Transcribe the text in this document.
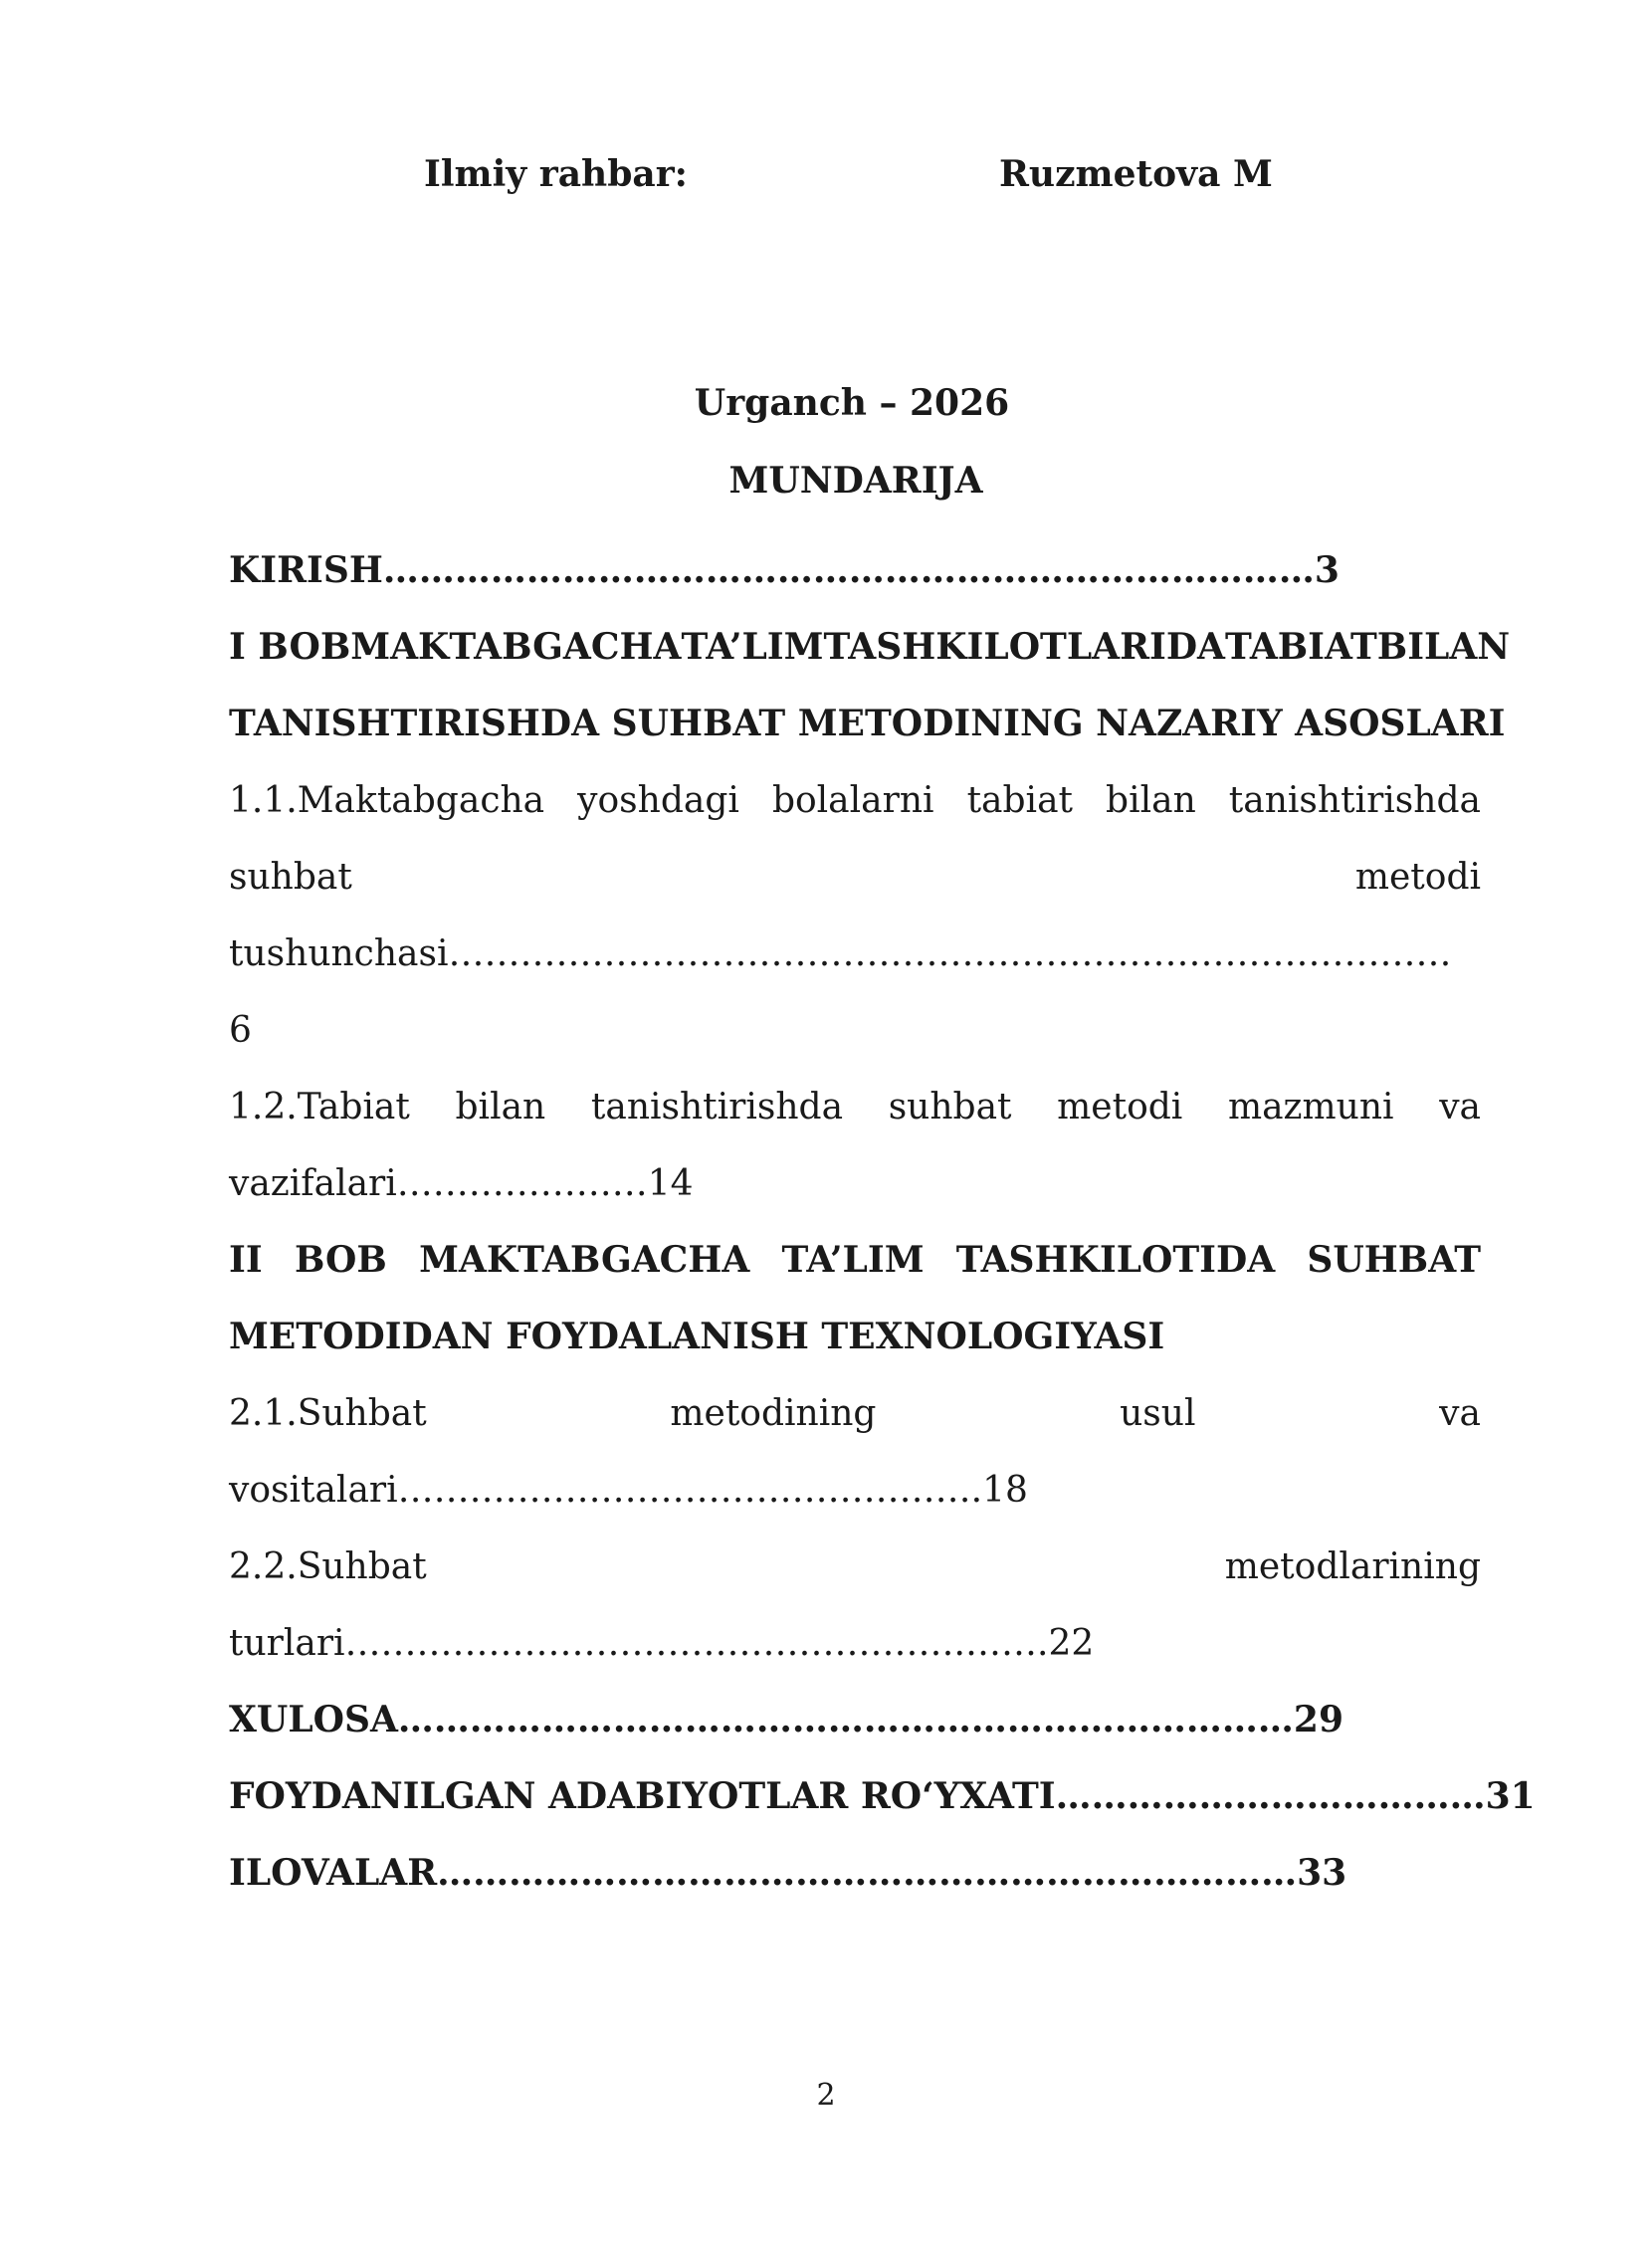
Ilmiy rahbar:	Ruzmetova M
Urganch – 2026
MUNDARIJA
KIRISH……………………………………………………………………3
I BOB MAKTABGACHA TA’LIM TASHKILOTLARIDA TABIAT BILAN
TANISHTIRISHDA SUHBAT METODINING NAZARIY ASOSLARI
1.1.Maktabgacha yoshdagi bolalarni tabiat bilan tanishtirishda
suhbat	metodi
tushunchasi…………………………………………………………………………
6
1.2.Tabiat bilan tanishtirishda suhbat metodi mazmuni va
vazifalari…………………14
II BOB MAKTABGACHA TA’LIM TASHKILOTIDA SUHBAT
METODIDAN FOYDALANISH TEXNOLOGIYASI
2.1.Suhbat	metodining	usul	va
vositalari………………………………………….18
2.2.Suhbat	metodlarining
turlari…………………………………………….…….22
XULOSA…………………………………………………………………29
FOYDANILGAN ADABIYOTLAR RO‘YXATI………………………………31
ILOVALAR………………………………………………………………33
2
